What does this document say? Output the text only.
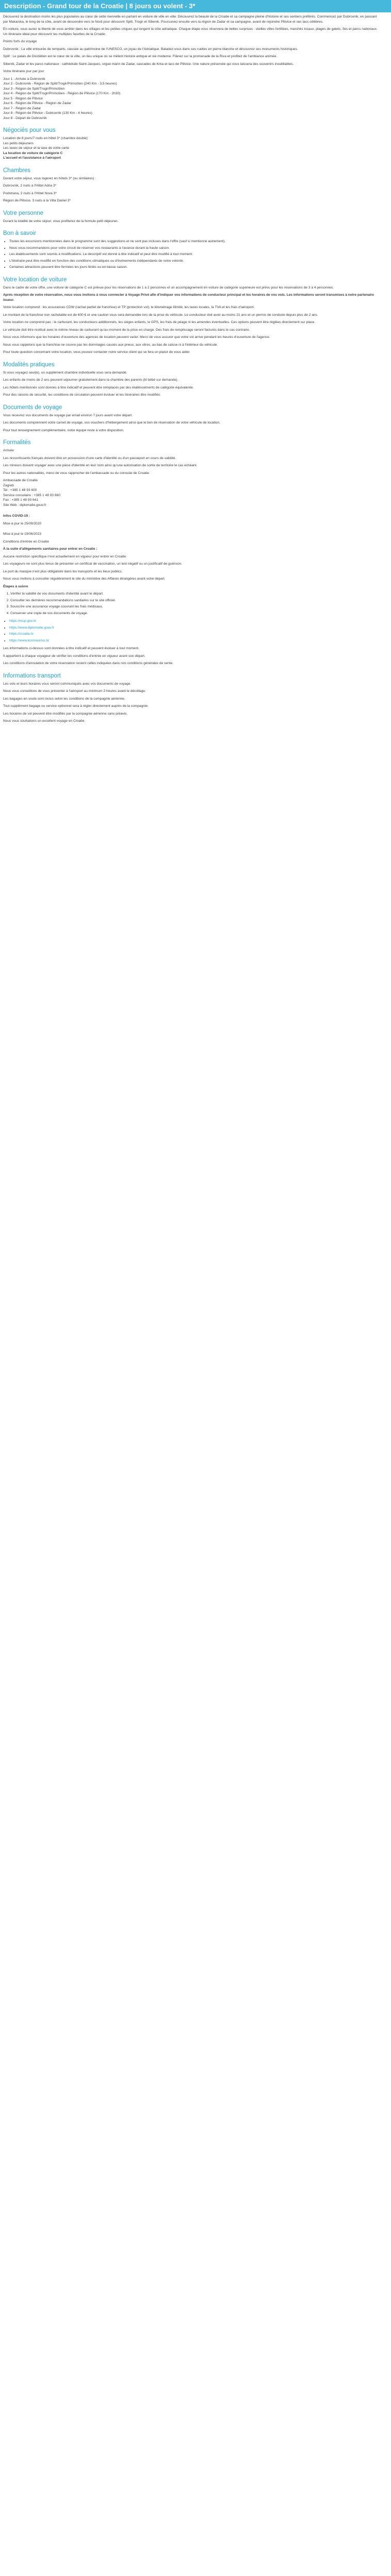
Description - Grand tour de la Croatie | 8 jours ou volent - 3*

Découvrez la destination moins les plus populaires au cœur de cette merveille en partant en voiture de ville en ville. Découvrez la beauté de la Croatie et sa campagne pleine d'histoire et ses sentiers préférés. Commencez par Dubrovnik, en passant par Makarska, le long de la côte, avant de descendre vers le Nord pour découvrir Split, Trogir et Sibenik. Poursuivez ensuite vers la région de Zadar et sa campagne, avant de rejoindre Plitvice et ses lacs célèbres.

En voiture, vous aurez la liberté de vous arrêter dans les villages et les petites criques qui longent la côte adriatique. Chaque étape vous réservera de belles surprises : vieilles villes fortifiées, marchés locaux, plages de galets, îles et parcs nationaux. Un itinéraire idéal pour découvrir les multiples facettes de la Croatie.

Points forts du voyage

Dubrovnik : La ville entourée de remparts, classée au patrimoine de l'UNESCO, un joyau de l'Adriatique. Baladez-vous dans ses ruelles en pierre blanche et découvrez ses monuments historiques.

Split : Le palais de Dioclétien est le cœur de la ville, un lieu unique où se mêlent histoire antique et vie moderne. Flânez sur la promenade de la Riva et profitez de l'ambiance animée.

Sibenik, Zadar et les parcs nationaux : cathédrale Saint-Jacques, orgue marin de Zadar, cascades de Krka et lacs de Plitvice. Une nature préservée qui vous laissera des souvenirs inoubliables.

Votre itinéraire jour par jour

Jour 1 - Arrivée à Dubrovnik

Jour 2 - Dubrovnik - Région de Split/Trogir/Primošten (240 Km - 3,5 heures)

Jour 3 - Région de Split/Trogir/Primošten

Jour 4 - Région de Split/Trogir/Primošten - Région de Plitvice (170 Km - 2h30)

Jour 5 - Région de Plitvice

Jour 6 - Région de Plitvice - Région de Zadar

Jour 7 - Région de Zadar

Jour 8 - Région de Plitvice - Dubrovnik (130 Km - 4 heures)

Jour 8 - Départ de Dubrovnik

Négociés pour vous

Location de 8 jours/7 nuits en hôtel 3* (chambre double)

Les petits déjeuners

Les taxes de séjour et la taxe de votre carte

La location de voiture de catégorie C

L'accueil et l'assistance à l'aéroport

Chambres

Durant votre séjour, vous logerez en hôtels 3* (ou similaires) :

Dubrovnik, 2 nuits à l'Hôtel Adria 3*

Podstrana, 2 nuits à l'Hôtel Nova 3*

Région de Plitvice, 3 nuits à la Villa Daniel 3*

Votre personne

Durant la totalité de votre séjour, vous profiterez de la formule petit déjeuner.

Bon à savoir
• Toutes les excursions mentionnées dans le programme sont des suggestions et ne sont pas incluses dans l'offre (sauf si mentionné autrement).
• Nous vous recommandons pour votre circuit de réserver vos restaurants à l'avance durant la haute saison.
• Les établissements sont soumis à modifications. Le descriptif est donné à titre indicatif et peut être modifié à tout moment.
• L'itinéraire peut être modifié en fonction des conditions climatiques ou d'événements indépendants de notre volonté.
• Certaines attractions peuvent être fermées les jours fériés ou en basse saison.
Votre location de voiture

Dans le cadre de votre offre, une voiture de catégorie C est prévue pour les réservations de 1 à 2 personnes et un accompagnement en voiture de catégorie supérieure est prévu pour les réservations de 3 à 4 personnes.

Après réception de votre réservation, nous vous invitons à vous connecter à Voyage Privé afin d'indiquer vos informations de conducteur principal et les horaires de vos vols. Les informations seront transmises à notre partenaire loueur.

Votre location comprend : les assurances CDW (rachat partiel de franchise) et TP (protection vol), le kilométrage illimité, les taxes locales, la TVA et les frais d'aéroport.

Le montant de la franchise non rachetable est de 600 € et une caution vous sera demandée lors de la prise du véhicule. Le conducteur doit avoir au moins 21 ans et un permis de conduire depuis plus de 2 ans.

Votre location ne comprend pas : le carburant, les conducteurs additionnels, les sièges enfants, le GPS, les frais de péage ni les amendes éventuelles. Ces options peuvent être réglées directement sur place.

Le véhicule doit être restitué avec le même niveau de carburant qu'au moment de la prise en charge. Des frais de remplissage seront facturés dans le cas contraire.

Nous vous informons que les horaires d'ouverture des agences de location peuvent varier. Merci de vous assurer que votre vol arrive pendant les heures d'ouverture de l'agence.

Nous vous rappelons que la franchise ne couvre pas les dommages causés aux pneus, aux vitres, au bas de caisse ni à l'intérieur du véhicule.

Pour toute question concernant votre location, vous pouvez contacter notre service client qui se fera un plaisir de vous aider.

Modalités pratiques

Si vous voyagez seul(e), un supplément chambre individuelle vous sera demandé.

Les enfants de moins de 2 ans peuvent séjourner gratuitement dans la chambre des parents (lit bébé sur demande).

Les hôtels mentionnés sont donnés à titre indicatif et peuvent être remplacés par des établissements de catégorie équivalente.

Pour des raisons de sécurité, les conditions de circulation peuvent évoluer et les itinéraires être modifiés.

Documents de voyage

Vous recevrez vos documents de voyage par email environ 7 jours avant votre départ.

Les documents comprennent votre carnet de voyage, vos vouchers d'hébergement ainsi que le bon de réservation de votre véhicule de location.

Pour tout renseignement complémentaire, notre équipe reste à votre disposition.

Formalités

Arrivée

Les ressortissants français doivent être en possession d'une carte d'identité ou d'un passeport en cours de validité.

Les mineurs doivent voyager avec une pièce d'identité en leur nom ainsi qu'une autorisation de sortie de territoire le cas échéant.

Pour les autres nationalités, merci de vous rapprocher de l'ambassade ou du consulat de Croatie.

Ambassade de Croatie

Zagreb

Tel : +385 1 48 93 600

Service consulaire : +385 1 48 93 660

Fax : +385 1 48 93 641

Site Web : diplomatie.gouv.fr

Infos COVID-19 :

Mise à jour le 25/09/2020

Mise à jour le 19/06/2023

Conditions d'entrée en Croatie

À la suite d'allègements sanitaires pour entrer en Croatie :

Aucune restriction spécifique n'est actuellement en vigueur pour entrer en Croatie.

Les voyageurs ne sont plus tenus de présenter un certificat de vaccination, un test négatif ou un justificatif de guérison.

Le port du masque n'est plus obligatoire dans les transports et les lieux publics.

Nous vous invitons à consulter régulièrement le site du ministère des Affaires étrangères avant votre départ.

Étapes à suivre

1. Vérifier la validité de vos documents d'identité avant le départ.
2. Consulter les dernières recommandations sanitaires sur le site officiel.
3. Souscrire une assurance voyage couvrant les frais médicaux.
4. Conserver une copie de vos documents de voyage.
• https://mup.gov.hr
• https://www.diplomatie.gouv.fr
• https://croatia.hr
• https://www.koronavirus.hr

Les informations ci-dessus sont données à titre indicatif et peuvent évoluer à tout moment.

Il appartient à chaque voyageur de vérifier les conditions d'entrée en vigueur avant son départ.

Les conditions d'annulation de votre réservation restent celles indiquées dans nos conditions générales de vente.

Informations transport

Les vols et leurs horaires vous seront communiqués avec vos documents de voyage.

Nous vous conseillons de vous présenter à l'aéroport au minimum 2 heures avant le décollage.

Les bagages en soute sont inclus selon les conditions de la compagnie aérienne.

Tout supplément bagage ou service optionnel sera à régler directement auprès de la compagnie.

Les horaires de vol peuvent être modifiés par la compagnie aérienne sans préavis.

Nous vous souhaitons un excellent voyage en Croatie.
